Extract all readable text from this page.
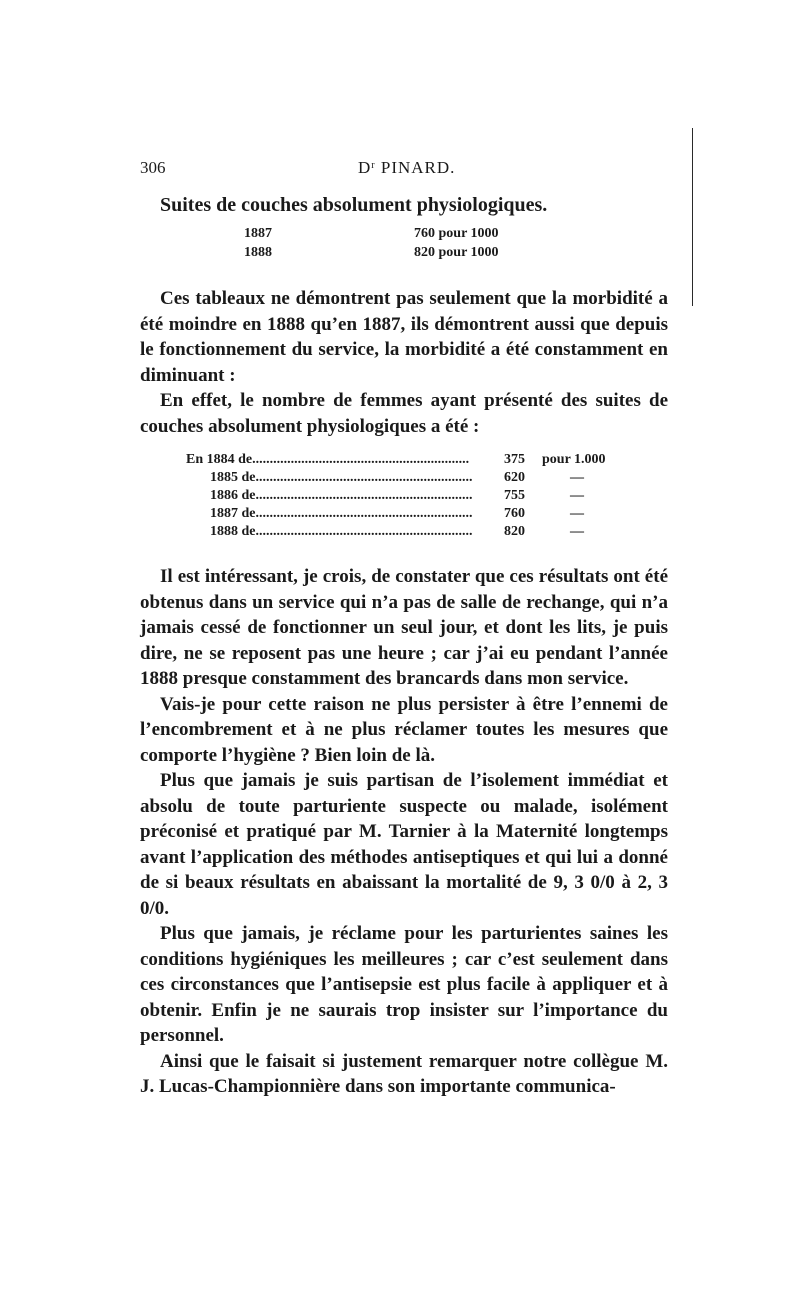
306	$D^r$ PINARD.
Suites de couches absolument physiologiques.
1887	760 pour 1000
1888	820 pour 1000

Ces tableaux ne démontrent pas seulement que la morbidité a été moindre en 1888 qu’en 1887, ils démontrent aussi que depuis le fonctionnement du service, la morbidité a été constamment en diminuant :

En effet, le nombre de femmes ayant présenté des suites de couches absolument physiologiques a été :

En 1884 de..............................................................	375	pour 1.000
1885 de..............................................................	620	—
1886 de..............................................................	755	—
1887 de..............................................................	760	—
1888 de..............................................................	820	—

Il est intéressant, je crois, de constater que ces résultats ont été obtenus dans un service qui n’a pas de salle de rechange, qui n’a jamais cessé de fonctionner un seul jour, et dont les lits, je puis dire, ne se reposent pas une heure ; car j’ai eu pendant l’année 1888 presque constamment des brancards dans mon service.

Vais-je pour cette raison ne plus persister à être l’ennemi de l’encombrement et à ne plus réclamer toutes les mesures que comporte l’hygiène ? Bien loin de là.

Plus que jamais je suis partisan de l’isolement immédiat et absolu de toute parturiente suspecte ou malade, isolément préconisé et pratiqué par M. Tarnier à la Maternité longtemps avant l’application des méthodes antiseptiques et qui lui a donné de si beaux résultats en abaissant la mortalité de 9, 3 0/0 à 2, 3 0/0.

Plus que jamais, je réclame pour les parturientes saines les conditions hygiéniques les meilleures ; car c’est seulement dans ces circonstances que l’antisepsie est plus facile à appliquer et à obtenir. Enfin je ne saurais trop insister sur l’importance du personnel.

Ainsi que le faisait si justement remarquer notre collègue M. J. Lucas-Championnière dans son importante communica-
